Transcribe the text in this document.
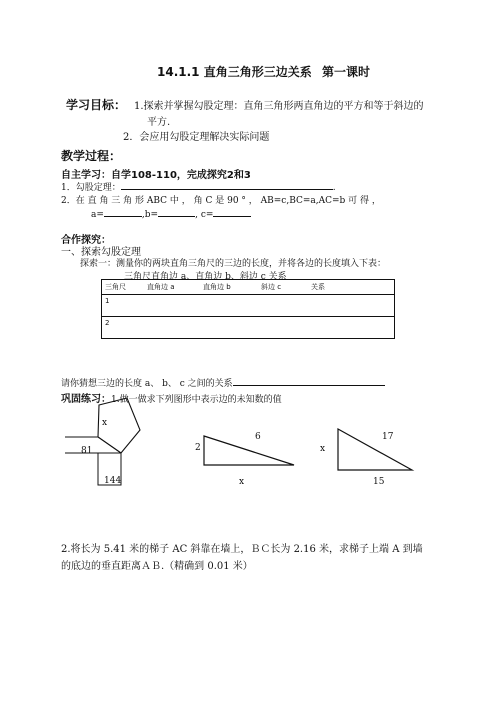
14.1.1 直角三角形三边关系 第一课时
学习目标： 1.探索并掌握勾股定理：直角三角形两直角边的平方和等于斜边的
平方.
2．会应用勾股定理解决实际问题
教学过程：
自主学习：自学108-110，完成探究2和3
1．勾股定理：	.
2．在 直 角 三 角 形 ABC 中 ， 角 C 是 90 ° ， AB=c,BC=a,AC=b 可 得 ，
a=	,b=	, c=
合作探究：
一、探索勾股定理
探索一：测量你的两块直角三角尺的三边的长度，并将各边的长度填入下表：
三角尺直角边 a、直角边 b、斜边 c 关系
三角尺	直角边 a	直角边 b	斜边 c	关系
1
2
请你猜想三边的长度 a、 b、 c 之间的关系
巩固练习：1.做一做求下列图形中表示边的未知数的值
x
81
144
6
2
x
17
x
15
2.将长为 5.41 米的梯子 AC 斜靠在墙上，ＢＣ长为 2.16 米，求梯子上端 A 到墙
的底边的垂直距离ＡＢ.（精确到 0.01 米）
